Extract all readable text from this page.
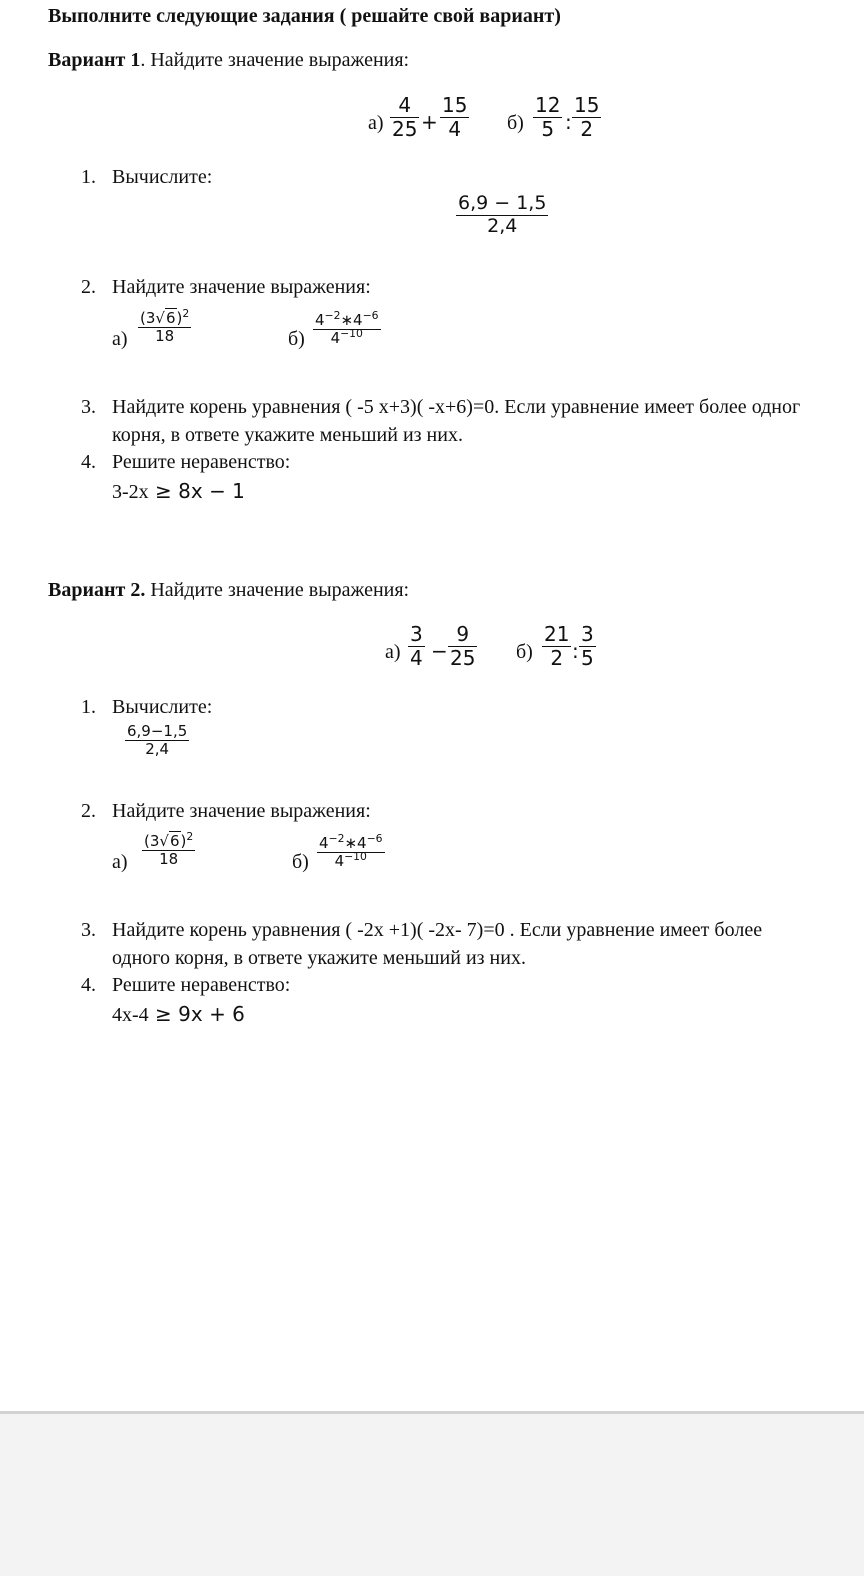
Выполните следующие задания ( решайте свой вариант)
Вариант 1. Найдите значение выражения:
а)
4
25 +
15
4	б)
12
5 :
15
2
1. Вычислите:
6,9 − 1,5
2,4
2. Найдите значение выражения:
а)
$(3√6)^2$
18	б)
$4^{-2}∗4^{-6}$
$4^{-10}$
3. Найдите корень уравнения ( -5 x+3)( -x+6)=0. Если уравнение имеет более одног
корня, в ответе укажите меньший из них.
4. Решите неравенство:
3-2x ≥ 8x − 1
Вариант 2. Найдите значение выражения:
а)
3
4 −
9
25 б)
21
2 :
3
5
1. Вычислите:
6,9−1,5
2,4
2. Найдите значение выражения:
а)
$(3√6)^2$
18	б)
$4^{-2}∗4^{-6}$
$4^{-10}$
3. Найдите корень уравнения ( -2x +1)( -2x- 7)=0 . Если уравнение имеет более
одного корня, в ответе укажите меньший из них.
4. Решите неравенство:
4x-4 ≥ 9x + 6
